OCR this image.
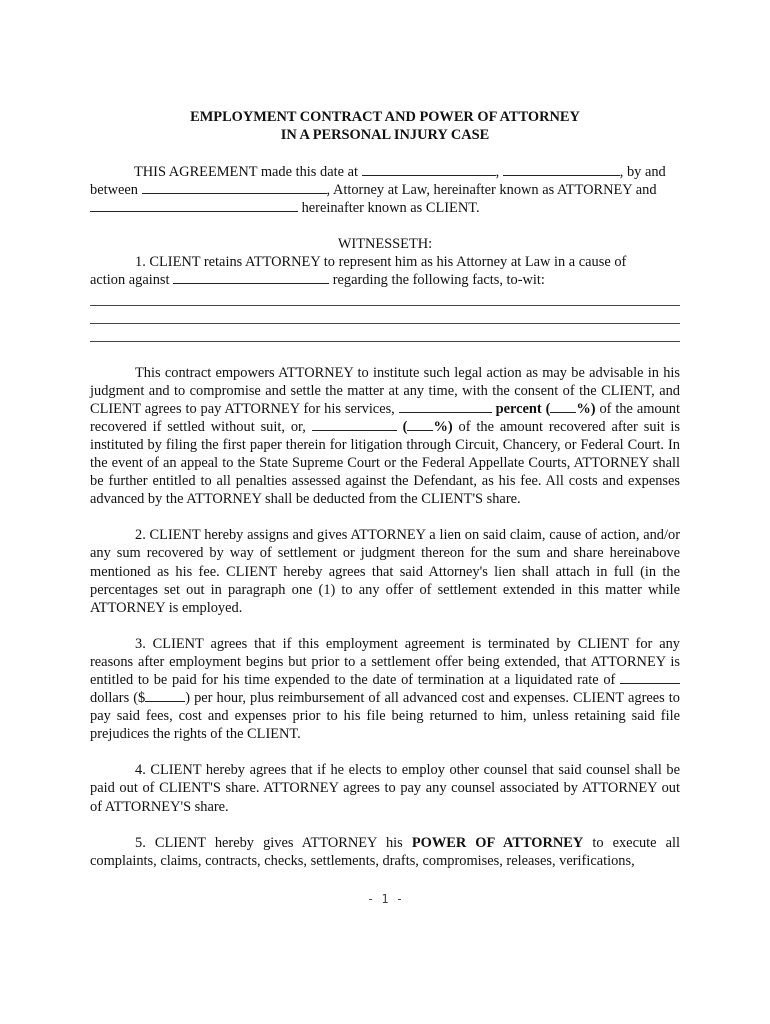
EMPLOYMENT CONTRACT AND POWER OF ATTORNEY
IN A PERSONAL INJURY CASE

THIS AGREEMENT made this date at	,	, by and

between	, Attorney at Law, hereinafter known as ATTORNEY and

hereinafter known as CLIENT.

WITNESSETH:

1. CLIENT retains ATTORNEY to represent him as his Attorney at Law in a cause of

action against	regarding the following facts, to-wit:

This contract empowers ATTORNEY to institute such legal action as may be advisable in his judgment and to compromise and settle the matter at any time, with the consent of the CLIENT, and CLIENT agrees to pay ATTORNEY for his services,	percent ( %) of the amount recovered if settled without suit, or,	( %) of the amount recovered after suit is instituted by filing the first paper therein for litigation through Circuit, Chancery, or Federal Court. In the event of an appeal to the State Supreme Court or the Federal Appellate Courts, ATTORNEY shall be further entitled to all penalties assessed against the Defendant, as his fee. All costs and expenses advanced by the ATTORNEY shall be deducted from the CLIENT'S share.

2. CLIENT hereby assigns and gives ATTORNEY a lien on said claim, cause of action, and/or any sum recovered by way of settlement or judgment thereon for the sum and share hereinabove mentioned as his fee. CLIENT hereby agrees that said Attorney's lien shall attach in full (in the percentages set out in paragraph one (1) to any offer of settlement extended in this matter while ATTORNEY is employed.

3. CLIENT agrees that if this employment agreement is terminated by CLIENT for any reasons after employment begins but prior to a settlement offer being extended, that ATTORNEY is entitled to be paid for his time expended to the date of termination at a liquidated rate of  dollars ($	) per hour, plus reimbursement of all advanced cost and expenses. CLIENT agrees to pay said fees, cost and expenses prior to his file being returned to him, unless retaining said file prejudices the rights of the CLIENT.

4. CLIENT hereby agrees that if he elects to employ other counsel that said counsel shall be paid out of CLIENT'S share. ATTORNEY agrees to pay any counsel associated by ATTORNEY out of ATTORNEY'S share.

5. CLIENT hereby gives ATTORNEY his POWER OF ATTORNEY to execute all complaints, claims, contracts, checks, settlements, drafts, compromises, releases, verifications,

- 1 -
